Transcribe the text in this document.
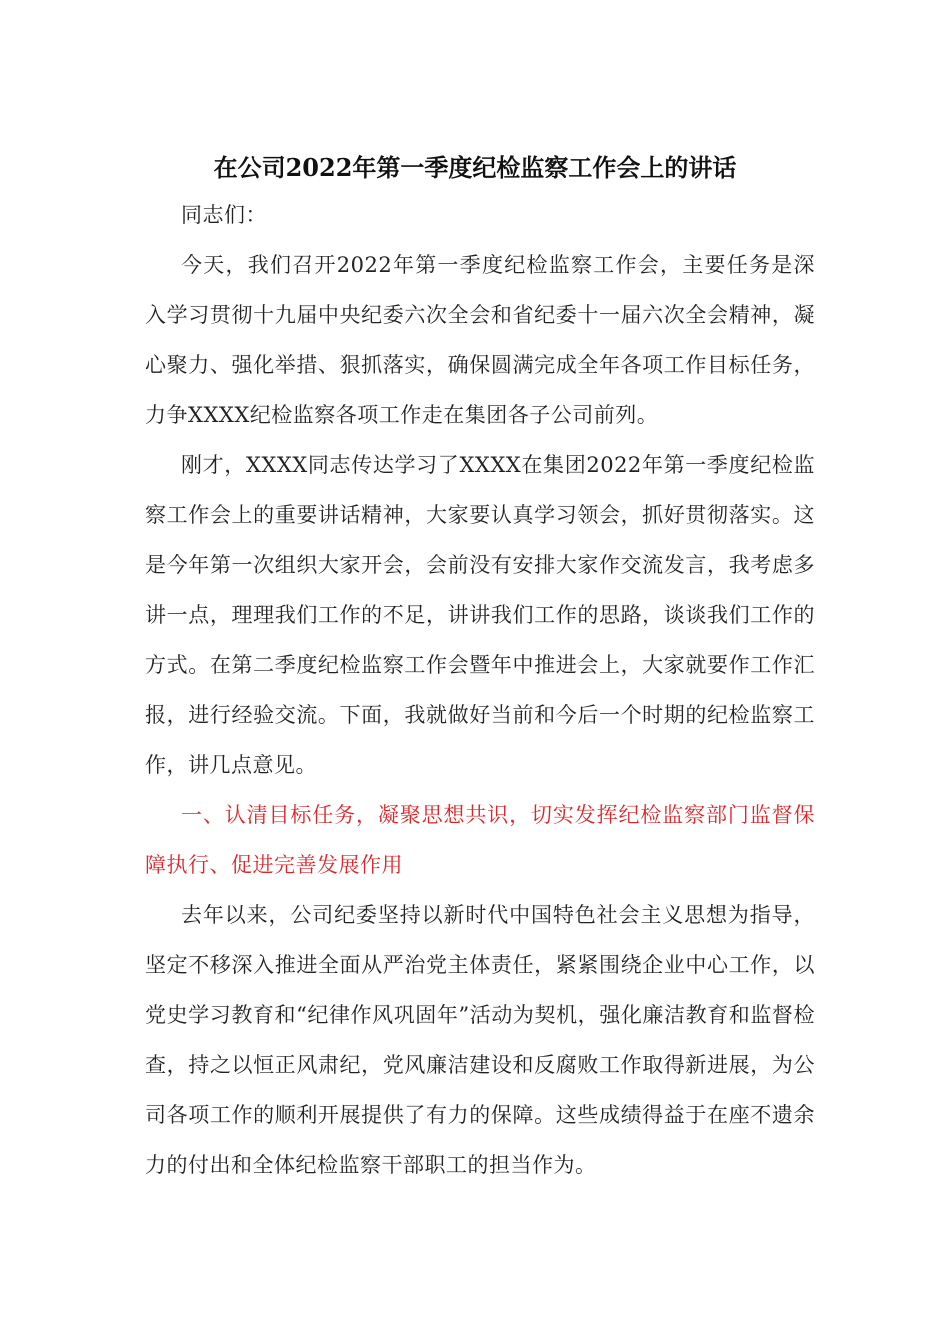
在公司2022年第一季度纪检监察工作会上的讲话

同志们：

今天，我们召开2022年第一季度纪检监察工作会，主要任务是深入学习贯彻十九届中央纪委六次全会和省纪委十一届六次全会精神，凝心聚力、强化举措、狠抓落实，确保圆满完成全年各项工作目标任务，力争XXXX纪检监察各项工作走在集团各子公司前列。

刚才，XXXX同志传达学习了XXXX在集团2022年第一季度纪检监察工作会上的重要讲话精神，大家要认真学习领会，抓好贯彻落实。这是今年第一次组织大家开会，会前没有安排大家作交流发言，我考虑多讲一点，理理我们工作的不足，讲讲我们工作的思路，谈谈我们工作的方式。在第二季度纪检监察工作会暨年中推进会上，大家就要作工作汇报，进行经验交流。下面，我就做好当前和今后一个时期的纪检监察工作，讲几点意见。

一、认清目标任务，凝聚思想共识，切实发挥纪检监察部门监督保障执行、促进完善发展作用

去年以来，公司纪委坚持以新时代中国特色社会主义思想为指导，坚定不移深入推进全面从严治党主体责任，紧紧围绕企业中心工作，以党史学习教育和“纪律作风巩固年”活动为契机，强化廉洁教育和监督检查，持之以恒正风肃纪，党风廉洁建设和反腐败工作取得新进展，为公司各项工作的顺利开展提供了有力的保障。这些成绩得益于在座不遗余力的付出和全体纪检监察干部职工的担当作为。
